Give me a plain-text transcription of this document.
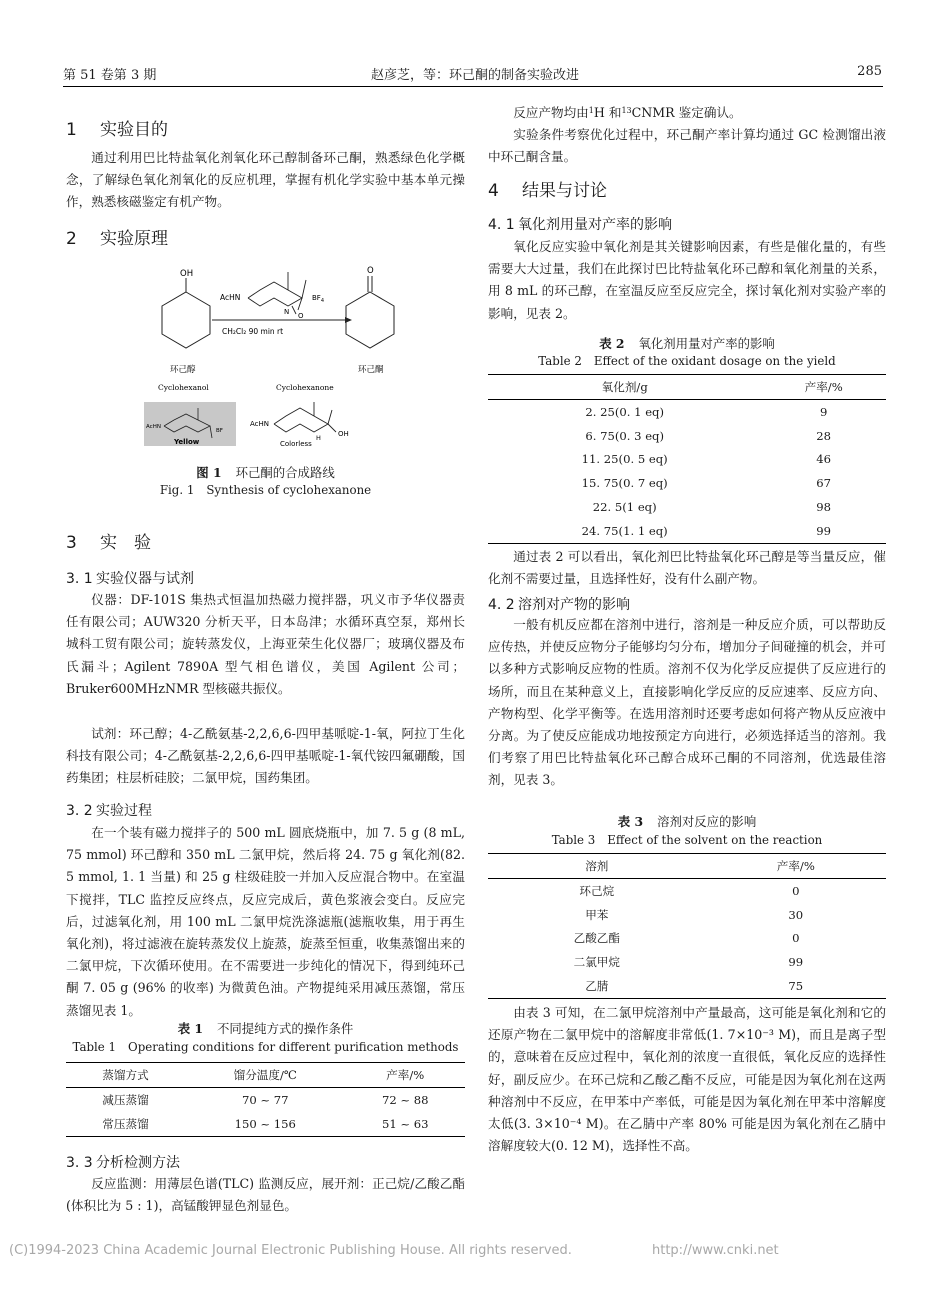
第 51 卷第 3 期	赵彦芝，等：环己酮的制备实验改进	285
1 实验目的

通过利用巴比特盐氧化剂氧化环己醇制备环己酮，熟悉绿色化学概念，了解绿色氧化剂氧化的反应机理，掌握有机化学实验中基本单元操作，熟悉核磁鉴定有机产物。

2 实验原理
OH
AcHN	$BF_4$
N O
CH₂Cl₂ 90 min rt
O
环己醇
Cyclohexanol
环己酮
Cyclohexanone
AcHN
BF
Yellow
AcHN
H OH
Colorless
图 1 环己酮的合成路线
Fig. 1 Synthesis of cyclohexanone
3 实　验
3. 1 实验仪器与试剂

仪器：DF-101S 集热式恒温加热磁力搅拌器，巩义市予华仪器责任有限公司；AUW320 分析天平，日本岛津；水循环真空泵，郑州长城科工贸有限公司；旋转蒸发仪，上海亚荣生化仪器厂；玻璃仪器及布氏漏斗；Agilent 7890A 型气相色谱仪，美国 Agilent 公司；Bruker600MHzNMR 型核磁共振仪。

试剂：环己醇；4-乙酰氨基-2,2,6,6-四甲基哌啶-1-氧，阿拉丁生化科技有限公司；4-乙酰氨基-2,2,6,6-四甲基哌啶-1-氧代铵四氟硼酸，国药集团；柱层析硅胶；二氯甲烷，国药集团。

3. 2 实验过程

在一个装有磁力搅拌子的 500 mL 圆底烧瓶中，加 7. 5 g (8 mL, 75 mmol) 环己醇和 350 mL 二氯甲烷，然后将 24. 75 g 氧化剂(82. 5 mmol, 1. 1 当量) 和 25 g 柱级硅胶一并加入反应混合物中。在室温下搅拌，TLC 监控反应终点，反应完成后，黄色浆液会变白。反应完后，过滤氧化剂，用 100 mL 二氯甲烷洗涤滤瓶(滤瓶收集，用于再生氧化剂)，将过滤液在旋转蒸发仪上旋蒸，旋蒸至恒重，收集蒸馏出来的二氯甲烷，下次循环使用。在不需要进一步纯化的情况下，得到纯环己酮 7. 05 g (96% 的收率) 为微黄色油。产物提纯采用减压蒸馏，常压蒸馏见表 1。

表 1 不同提纯方式的操作条件
Table 1 Operating conditions for different purification methods
蒸馏方式	馏分温度/℃	产率/%
减压蒸馏	70 ~ 77	72 ~ 88
常压蒸馏	150 ~ 156	51 ~ 63
3. 3 分析检测方法

反应监测：用薄层色谱(TLC) 监测反应，展开剂：正己烷/乙酸乙酯(体积比为 5 : 1)，高锰酸钾显色剂显色。

反应产物均由$^1$H 和$^{13}$CNMR 鉴定确认。

实验条件考察优化过程中，环己酮产率计算均通过 GC 检测馏出液中环己酮含量。

4 结果与讨论
4. 1 氧化剂用量对产率的影响

氧化反应实验中氧化剂是其关键影响因素，有些是催化量的，有些需要大大过量，我们在此探讨巴比特盐氧化环己醇和氧化剂量的关系，用 8 mL 的环己醇，在室温反应至反应完全，探讨氧化剂对实验产率的影响，见表 2。

表 2 氧化剂用量对产率的影响
Table 2 Effect of the oxidant dosage on the yield
氧化剂/g	产率/%
2. 25(0. 1 eq)	9
6. 75(0. 3 eq)	28
11. 25(0. 5 eq)	46
15. 75(0. 7 eq)	67
22. 5(1 eq)	98
24. 75(1. 1 eq)	99

通过表 2 可以看出，氧化剂巴比特盐氧化环己醇是等当量反应，催化剂不需要过量，且选择性好，没有什么副产物。

4. 2 溶剂对产物的影响

一般有机反应都在溶剂中进行，溶剂是一种反应介质，可以帮助反应传热，并使反应物分子能够均匀分布，增加分子间碰撞的机会，并可以多种方式影响反应物的性质。溶剂不仅为化学反应提供了反应进行的场所，而且在某种意义上，直接影响化学反应的反应速率、反应方向、产物构型、化学平衡等。在选用溶剂时还要考虑如何将产物从反应液中分离。为了使反应能成功地按预定方向进行，必须选择适当的溶剂。我们考察了用巴比特盐氧化环己醇合成环己酮的不同溶剂，优选最佳溶剂，见表 3。

表 3 溶剂对反应的影响
Table 3 Effect of the solvent on the reaction
溶剂	产率/%
环己烷	0
甲苯	30
乙酸乙酯	0
二氯甲烷	99
乙腈	75

由表 3 可知，在二氯甲烷溶剂中产量最高，这可能是氧化剂和它的还原产物在二氯甲烷中的溶解度非常低(1. 7×10⁻³ M)，而且是离子型的，意味着在反应过程中，氧化剂的浓度一直很低，氧化反应的选择性好，副反应少。在环己烷和乙酸乙酯不反应，可能是因为氧化剂在这两种溶剂中不反应，在甲苯中产率低，可能是因为氧化剂在甲苯中溶解度太低(3. 3×10⁻⁴ M)。在乙腈中产率 80% 可能是因为氧化剂在乙腈中溶解度较大(0. 12 M)，选择性不高。

(C)1994-2023 China Academic Journal Electronic Publishing House. All rights reserved.	http://www.cnki.net
